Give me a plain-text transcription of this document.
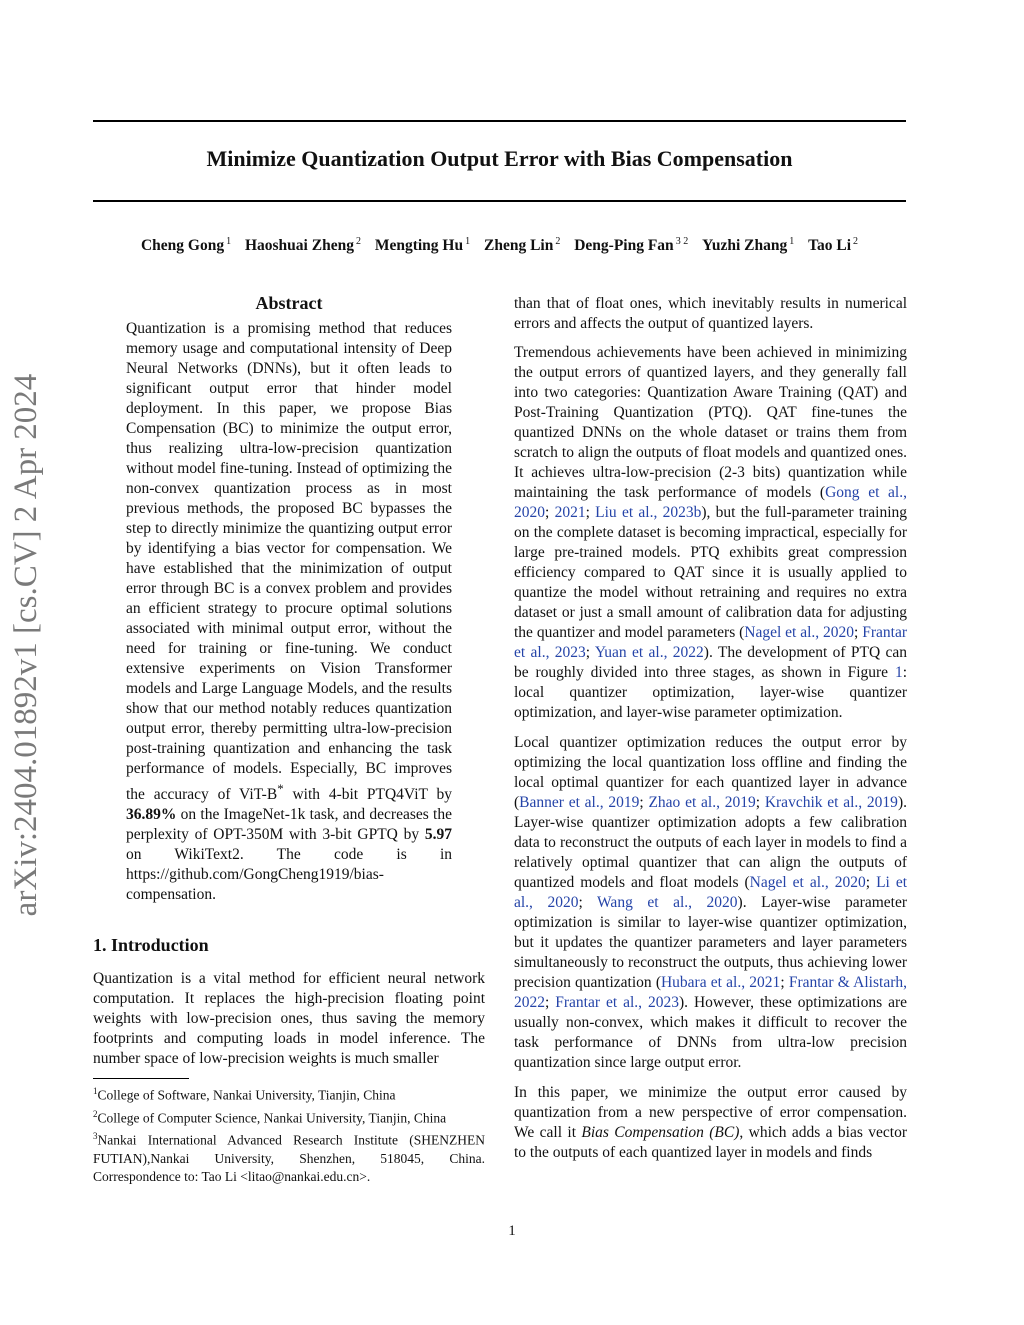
Minimize Quantization Output Error with Bias Compensation
Cheng Gong $^1$ Haoshuai Zheng $^2$ Mengting Hu $^1$ Zheng Lin $^2$ Deng-Ping Fan $^{3 2}$ Yuzhi Zhang $^1$ Tao Li $^2$
arXiv:2404.01892v1 [cs.CV] 2 Apr 2024
Abstract

Quantization is a promising method that reduces memory usage and computational intensity of Deep Neural Networks (DNNs), but it often leads to significant output error that hinder model deployment. In this paper, we propose Bias Compensation (BC) to minimize the output error, thus realizing ultra-low-precision quantization without model fine-tuning. Instead of optimizing the non-convex quantization process as in most previous methods, the proposed BC bypasses the step to directly minimize the quantizing output error by identifying a bias vector for compensation. We have established that the minimization of output error through BC is a convex problem and provides an efficient strategy to procure optimal solutions associated with minimal output error, without the need for training or fine-tuning. We conduct extensive experiments on Vision Transformer models and Large Language Models, and the results show that our method notably reduces quantization output error, thereby permitting ultra-low-precision post-training quantization and enhancing the task performance of models. Especially, BC improves the accuracy of ViT-B* with 4-bit PTQ4ViT by 36.89% on the ImageNet-1k task, and decreases the perplexity of OPT-350M with 3-bit GPTQ by 5.97 on WikiText2. The code is in https://github.com/GongCheng1919/bias-compensation.

1. Introduction

Quantization is a vital method for efficient neural network computation. It replaces the high-precision floating point weights with low-precision ones, thus saving the memory footprints and computing loads in model inference. The number space of low-precision weights is much smaller

$^1$College of Software, Nankai University, Tianjin, China

$^2$College of Computer Science, Nankai University, Tianjin, China

$^3$Nankai International Advanced Research Institute (SHENZHEN FUTIAN),Nankai University, Shenzhen, 518045, China. Correspondence to: Tao Li <litao@nankai.edu.cn>.

than that of float ones, which inevitably results in numerical errors and affects the output of quantized layers.

Tremendous achievements have been achieved in minimizing the output errors of quantized layers, and they generally fall into two categories: Quantization Aware Training (QAT) and Post-Training Quantization (PTQ). QAT fine-tunes the quantized DNNs on the whole dataset or trains them from scratch to align the outputs of float models and quantized ones. It achieves ultra-low-precision (2-3 bits) quantization while maintaining the task performance of models (Gong et al., 2020; 2021; Liu et al., 2023b), but the full-parameter training on the complete dataset is becoming impractical, especially for large pre-trained models. PTQ exhibits great compression efficiency compared to QAT since it is usually applied to quantize the model without retraining and requires no extra dataset or just a small amount of calibration data for adjusting the quantizer and model parameters (Nagel et al., 2020; Frantar et al., 2023; Yuan et al., 2022). The development of PTQ can be roughly divided into three stages, as shown in Figure 1: local quantizer optimization, layer-wise quantizer optimization, and layer-wise parameter optimization.

Local quantizer optimization reduces the output error by optimizing the local quantization loss offline and finding the local optimal quantizer for each quantized layer in advance (Banner et al., 2019; Zhao et al., 2019; Kravchik et al., 2019). Layer-wise quantizer optimization adopts a few calibration data to reconstruct the outputs of each layer in models to find a relatively optimal quantizer that can align the outputs of quantized models and float models (Nagel et al., 2020; Li et al., 2020; Wang et al., 2020). Layer-wise parameter optimization is similar to layer-wise quantizer optimization, but it updates the quantizer parameters and layer parameters simultaneously to reconstruct the outputs, thus achieving lower precision quantization (Hubara et al., 2021; Frantar & Alistarh, 2022; Frantar et al., 2023). However, these optimizations are usually non-convex, which makes it difficult to recover the task performance of DNNs from ultra-low precision quantization since large output error.

In this paper, we minimize the output error caused by quantization from a new perspective of error compensation. We call it Bias Compensation (BC), which adds a bias vector to the outputs of each quantized layer in models and finds

1
